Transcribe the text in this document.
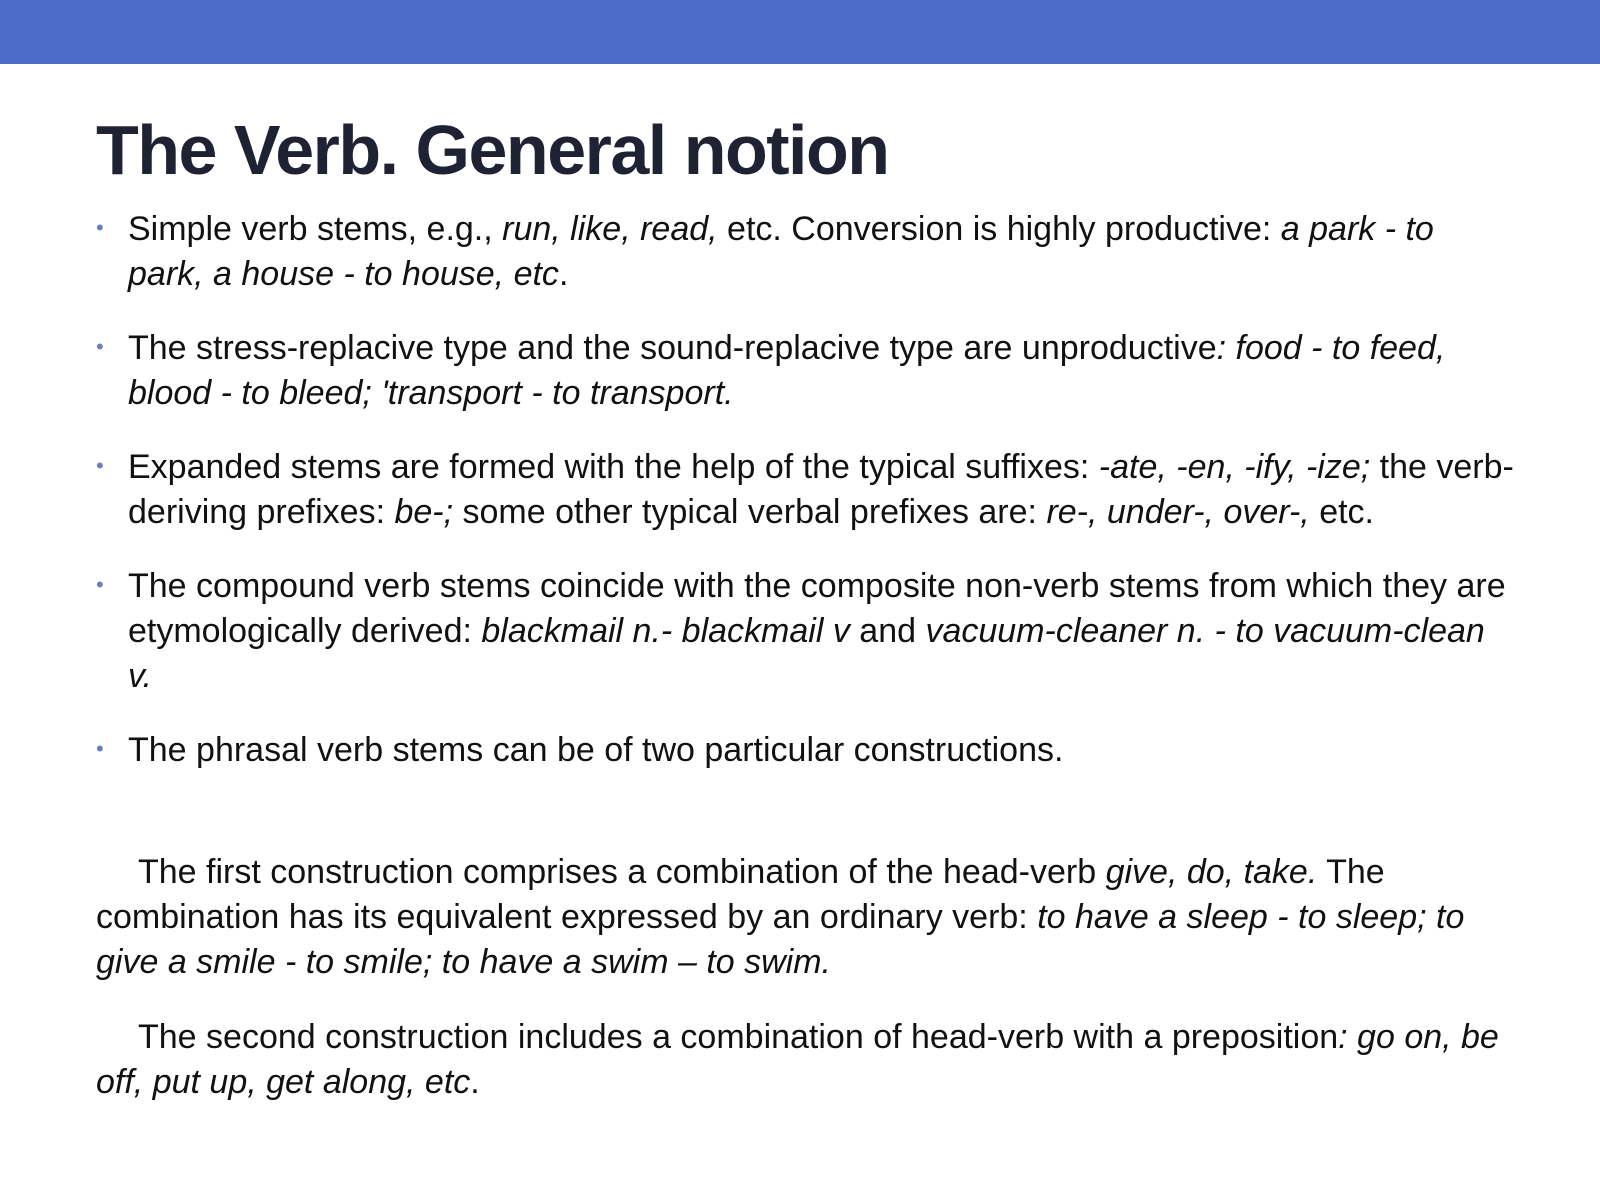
The Verb. General notion
• Simple verb stems, e.g., run, like, read, etc. Conversion is highly productive: a park - to park, a house - to house, etc.
• The stress-replacive type and the sound-replacive type are unproductive: food - to feed, blood - to bleed; 'transport - to transport.
• Expanded stems are formed with the help of the typical suffixes: -ate, -en, -ify, -ize; the verb-deriving prefixes: be-; some other typical verbal prefixes are: re-, under-, over-, etc.
• The compound verb stems coincide with the composite non-verb stems from which they are etymologically derived: blackmail n.- blackmail v and vacuum-cleaner n. - to vacuum-clean v.
• The phrasal verb stems can be of two particular constructions.

The first construction comprises a combination of the head-verb give, do, take. The combination has its equivalent expressed by an ordinary verb: to have a sleep - to sleep; to give a smile - to smile; to have a swim – to swim.

The second construction includes a combination of head-verb with a preposition: go on, be off, put up, get along, etc.
